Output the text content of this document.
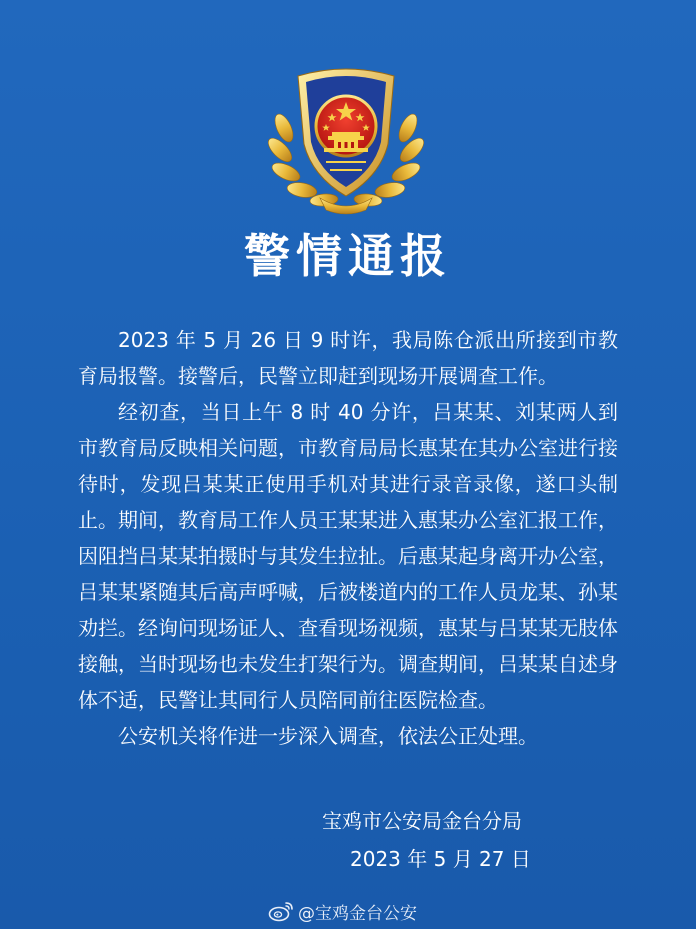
警情通报

2023 年 5 月 26 日 9 时许，我局陈仓派出所接到市教育局报警。接警后，民警立即赶到现场开展调查工作。

经初查，当日上午 8 时 40 分许，吕某某、刘某两人到市教育局反映相关问题，市教育局局长惠某在其办公室进行接待时，发现吕某某正使用手机对其进行录音录像，遂口头制止。期间，教育局工作人员王某某进入惠某办公室汇报工作，因阻挡吕某某拍摄时与其发生拉扯。后惠某起身离开办公室，吕某某紧随其后高声呼喊，后被楼道内的工作人员龙某、孙某劝拦。经询问现场证人、查看现场视频，惠某与吕某某无肢体接触，当时现场也未发生打架行为。调查期间，吕某某自述身体不适，民警让其同行人员陪同前往医院检查。

公安机关将作进一步深入调查，依法公正处理。

宝鸡市公安局金台分局
2023 年 5 月 27 日
@宝鸡金台公安
